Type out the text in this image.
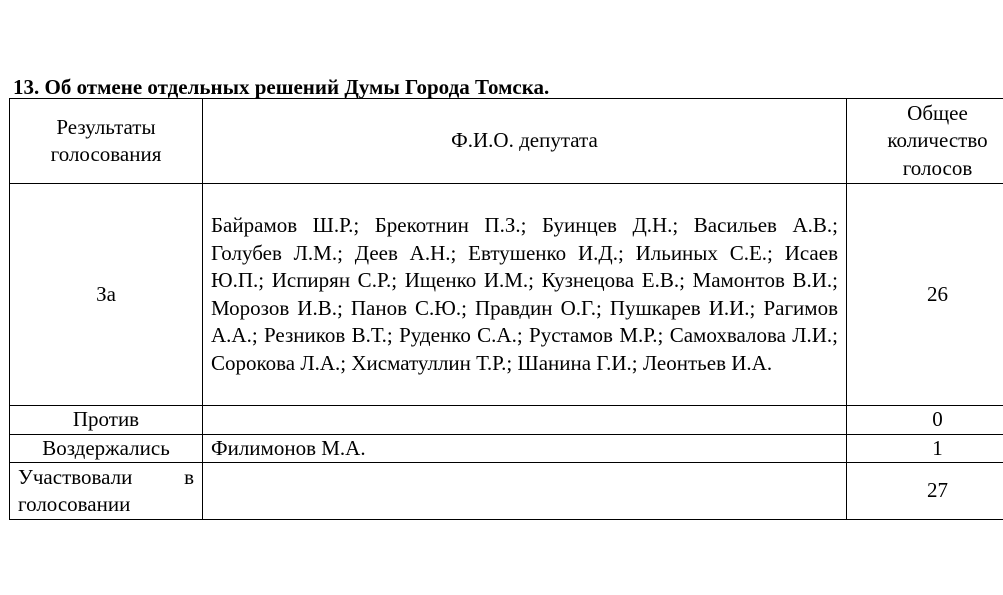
13. Об отмене отдельных решений Думы Города Томска.
Результаты голосования	Ф.И.О. депутата	Общее количество голосов
За	Байрамов Ш.Р.; Брекотнин П.З.; Буинцев Д.Н.; Васильев А.В.; Голубев Л.М.; Деев А.Н.; Евтушенко И.Д.; Ильиных С.Е.; Исаев Ю.П.; Испирян С.Р.; Ищенко И.М.; Кузнецова Е.В.; Мамонтов В.И.; Морозов И.В.; Панов С.Ю.; Правдин О.Г.; Пушкарев И.И.; Рагимов А.А.; Резников В.Т.; Руденко С.А.; Рустамов М.Р.; Самохвалова Л.И.; Сорокова Л.А.; Хисматуллин Т.Р.; Шанина Г.И.; Леонтьев И.А.	26
Против		0
Воздержались	Филимонов М.А.	1
Участвовали в голосовании		27
